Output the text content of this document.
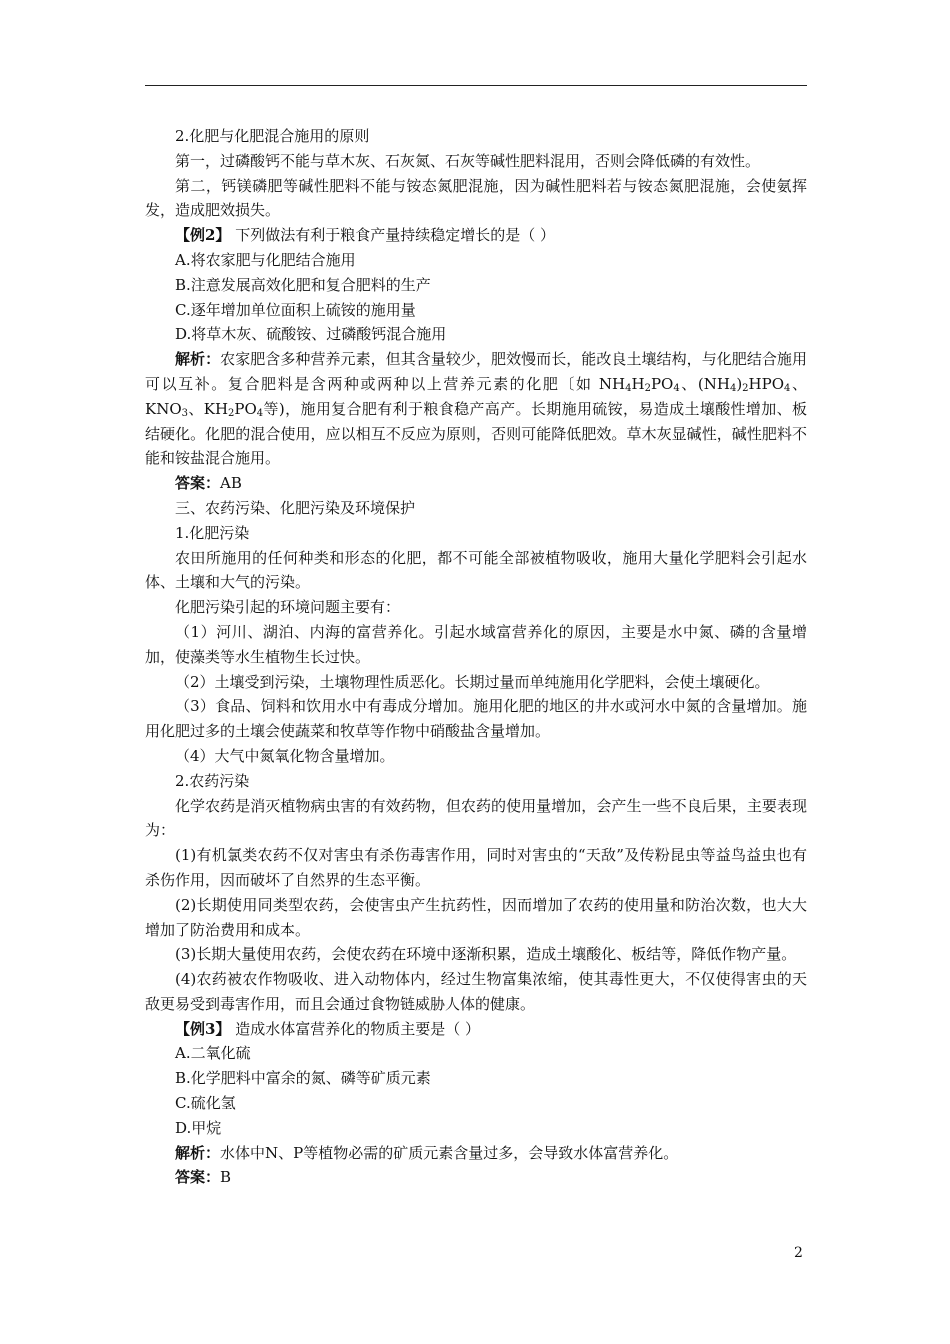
2.化肥与化肥混合施用的原则

第一，过磷酸钙不能与草木灰、石灰氮、石灰等碱性肥料混用，否则会降低磷的有效性。

第二，钙镁磷肥等碱性肥料不能与铵态氮肥混施，因为碱性肥料若与铵态氮肥混施，会使氨挥发，造成肥效损失。

【例2】 下列做法有利于粮食产量持续稳定增长的是（ ）

A.将农家肥与化肥结合施用

B.注意发展高效化肥和复合肥料的生产

C.逐年增加单位面积上硫铵的施用量

D.将草木灰、硫酸铵、过磷酸钙混合施用

解析：农家肥含多种营养元素，但其含量较少，肥效慢而长，能改良土壤结构，与化肥结合施用可以互补。复合肥料是含两种或两种以上营养元素的化肥〔如 $NH_4H_2PO_4$、$(NH_4)_2HPO_4$、$KNO_3$、$KH_2PO_4$等)，施用复合肥有利于粮食稳产高产。长期施用硫铵，易造成土壤酸性增加、板结硬化。化肥的混合使用，应以相互不反应为原则，否则可能降低肥效。草木灰显碱性，碱性肥料不能和铵盐混合施用。

答案：AB

三、农药污染、化肥污染及环境保护

1.化肥污染

农田所施用的任何种类和形态的化肥，都不可能全部被植物吸收，施用大量化学肥料会引起水体、土壤和大气的污染。

化肥污染引起的环境问题主要有：

（1）河川、湖泊、内海的富营养化。引起水域富营养化的原因，主要是水中氮、磷的含量增加，使藻类等水生植物生长过快。

（2）土壤受到污染，土壤物理性质恶化。长期过量而单纯施用化学肥料，会使土壤硬化。

（3）食品、饲料和饮用水中有毒成分增加。施用化肥的地区的井水或河水中氮的含量增加。施用化肥过多的土壤会使蔬菜和牧草等作物中硝酸盐含量增加。

（4）大气中氮氧化物含量增加。

2.农药污染

化学农药是消灭植物病虫害的有效药物，但农药的使用量增加，会产生一些不良后果，主要表现为：

(1)有机氯类农药不仅对害虫有杀伤毒害作用，同时对害虫的“天敌”及传粉昆虫等益鸟益虫也有杀伤作用，因而破坏了自然界的生态平衡。

(2)长期使用同类型农药，会使害虫产生抗药性，因而增加了农药的使用量和防治次数，也大大增加了防治费用和成本。

(3)长期大量使用农药，会使农药在环境中逐渐积累，造成土壤酸化、板结等，降低作物产量。

(4)农药被农作物吸收、进入动物体内，经过生物富集浓缩，使其毒性更大，不仅使得害虫的天敌更易受到毒害作用，而且会通过食物链威胁人体的健康。

【例3】 造成水体富营养化的物质主要是（ ）

A.二氧化硫

B.化学肥料中富余的氮、磷等矿质元素

C.硫化氢

D.甲烷

解析：水体中N、P等植物必需的矿质元素含量过多，会导致水体富营养化。

答案：B

2
